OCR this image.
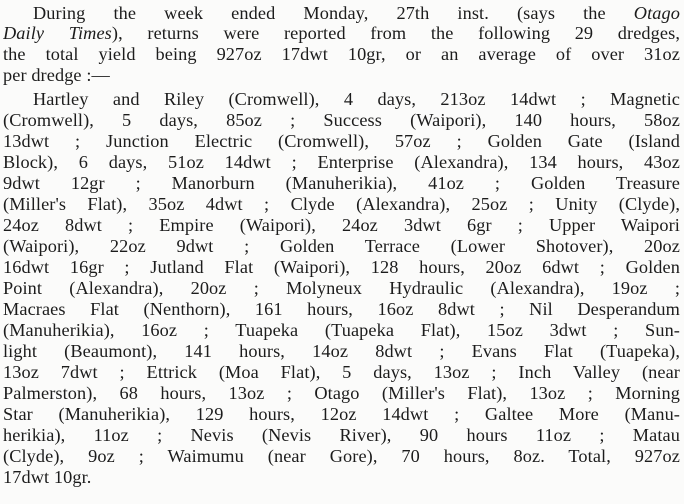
During the week ended Monday, 27th inst. (says the Otago
Daily Times), returns were reported from the following 29 dredges,
the total yield being 927oz 17dwt 10gr, or an average of over 31oz
per dredge :—
Hartley and Riley (Cromwell), 4 days, 213oz 14dwt ; Magnetic
(Cromwell), 5 days, 85oz ; Success (Waipori), 140 hours, 58oz
13dwt ; Junction Electric (Cromwell), 57oz ; Golden Gate (Island
Block), 6 days, 51oz 14dwt ; Enterprise (Alexandra), 134 hours, 43oz
9dwt 12gr ; Manorburn (Manuherikia), 41oz ; Golden Treasure
(Miller's Flat), 35oz 4dwt ; Clyde (Alexandra), 25oz ; Unity (Clyde),
24oz 8dwt ; Empire (Waipori), 24oz 3dwt 6gr ; Upper Waipori
(Waipori), 22oz 9dwt ; Golden Terrace (Lower Shotover), 20oz
16dwt 16gr ; Jutland Flat (Waipori), 128 hours, 20oz 6dwt ; Golden
Point (Alexandra), 20oz ; Molyneux Hydraulic (Alexandra), 19oz ;
Macraes Flat (Nenthorn), 161 hours, 16oz 8dwt ; Nil Desperandum
(Manuherikia), 16oz ; Tuapeka (Tuapeka Flat), 15oz 3dwt ; Sun-
light (Beaumont), 141 hours, 14oz 8dwt ; Evans Flat (Tuapeka),
13oz 7dwt ; Ettrick (Moa Flat), 5 days, 13oz ; Inch Valley (near
Palmerston), 68 hours, 13oz ; Otago (Miller's Flat), 13oz ; Morning
Star (Manuherikia), 129 hours, 12oz 14dwt ; Galtee More (Manu-
herikia), 11oz ; Nevis (Nevis River), 90 hours 11oz ; Matau
(Clyde), 9oz ; Waimumu (near Gore), 70 hours, 8oz. Total, 927oz
17dwt 10gr.
